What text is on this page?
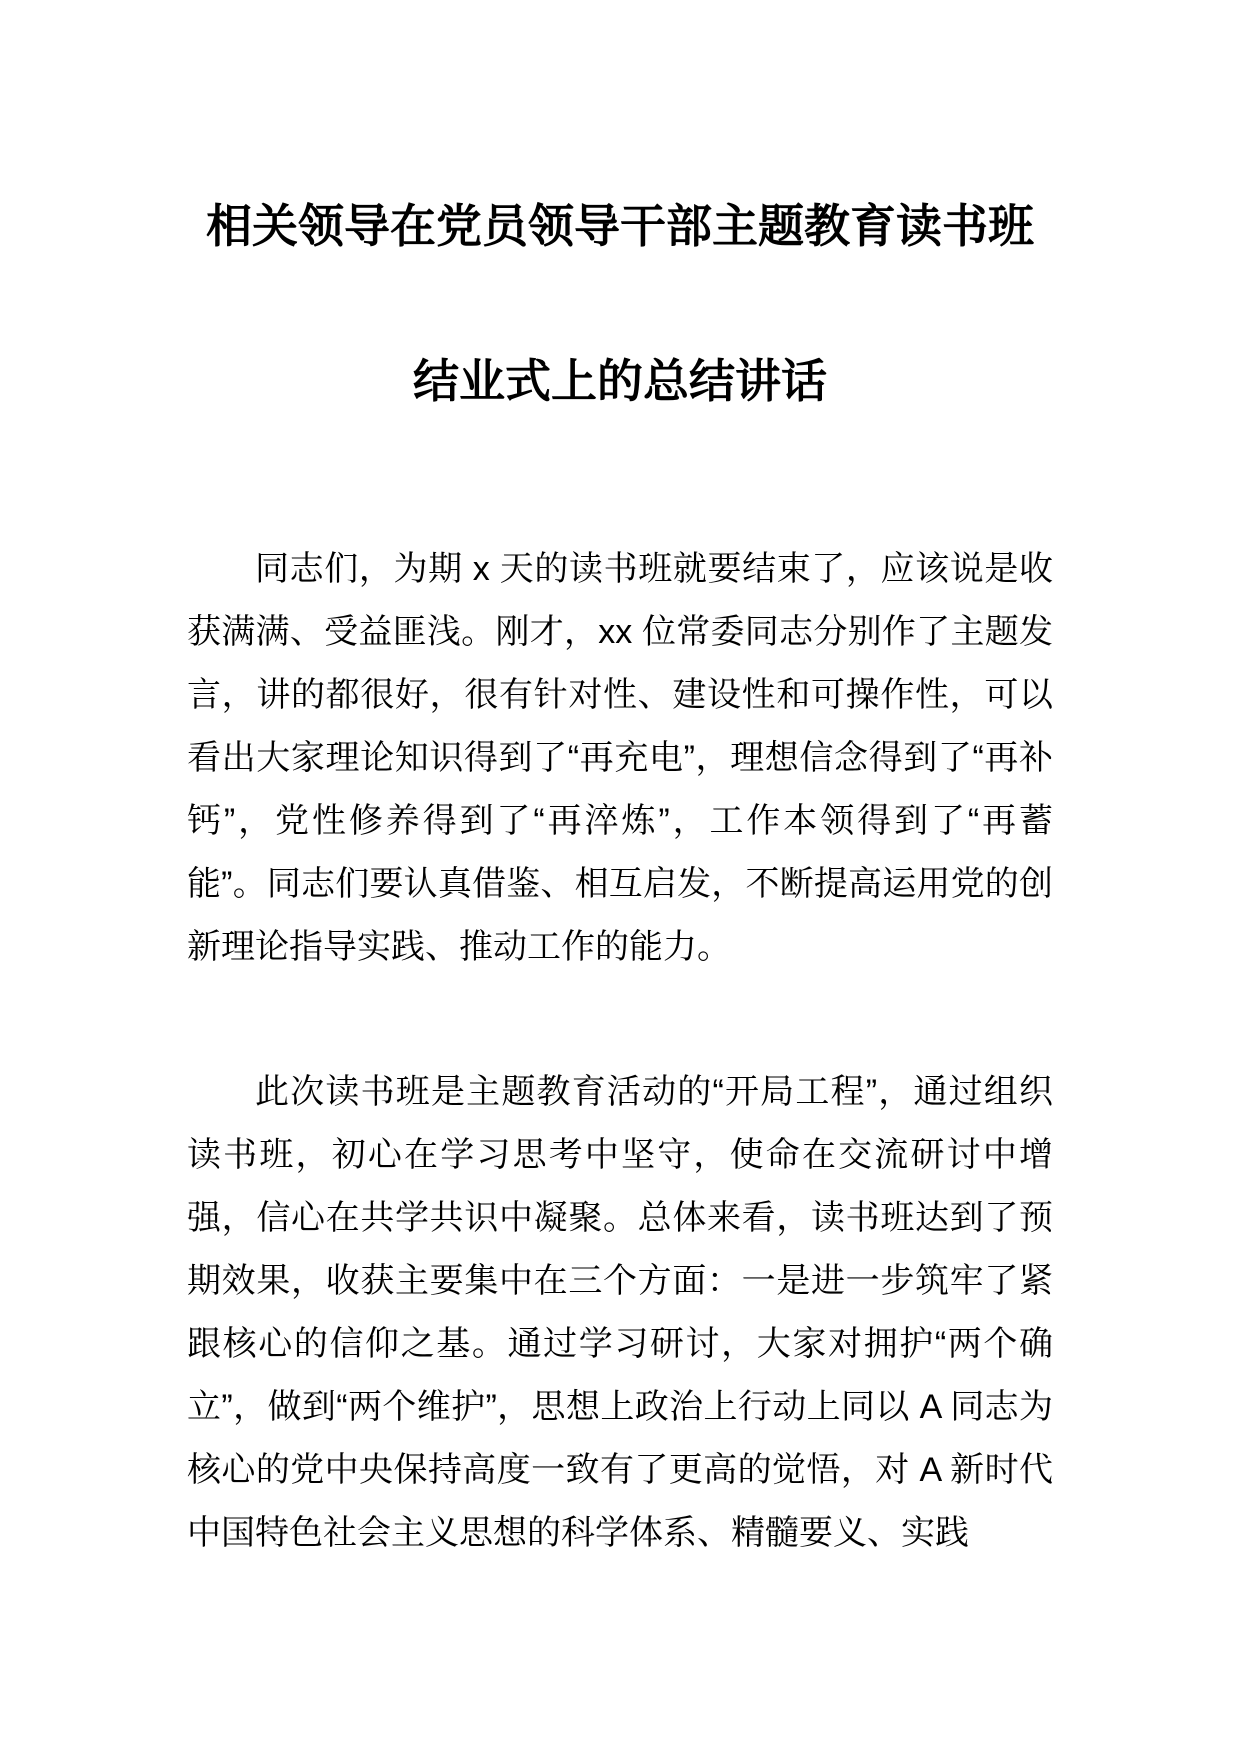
相关领导在党员领导干部主题教育读书班
结业式上的总结讲话

同志们，为期 x 天的读书班就要结束了，应该说是收获满满、受益匪浅。刚才，xx 位常委同志分别作了主题发言，讲的都很好，很有针对性、建设性和可操作性，可以看出大家理论知识得到了“再充电”，理想信念得到了“再补钙”，党性修养得到了“再淬炼”，工作本领得到了“再蓄能”。同志们要认真借鉴、相互启发，不断提高运用党的创新理论指导实践、推动工作的能力。

此次读书班是主题教育活动的“开局工程”，通过组织读书班，初心在学习思考中坚守，使命在交流研讨中增强，信心在共学共识中凝聚。总体来看，读书班达到了预期效果，收获主要集中在三个方面：一是进一步筑牢了紧跟核心的信仰之基。通过学习研讨，大家对拥护“两个确立”，做到“两个维护”，思想上政治上行动上同以 A 同志为核心的党中央保持高度一致有了更高的觉悟，对 A 新时代中国特色社会主义思想的科学体系、精髓要义、实践
